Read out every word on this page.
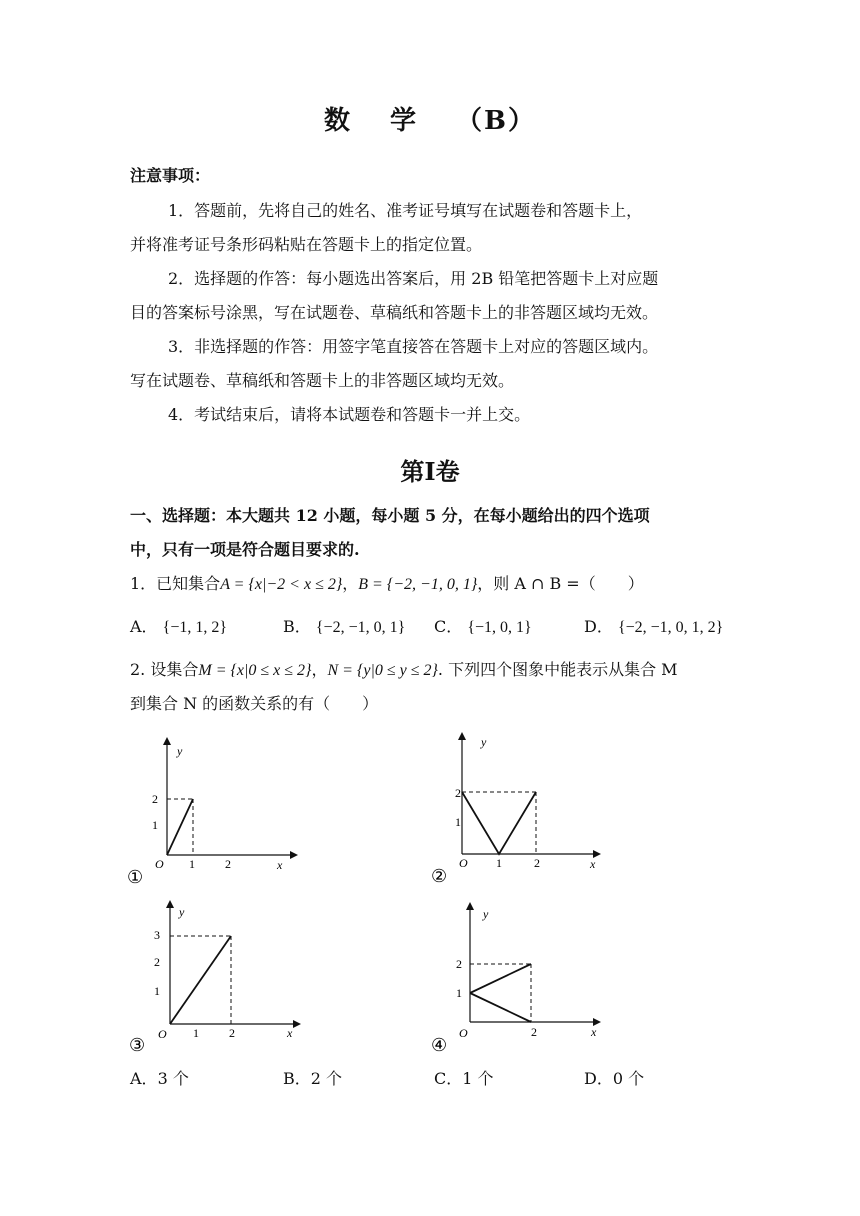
数 学 （B）
注意事项：
1．答题前，先将自己的姓名、准考证号填写在试题卷和答题卡上，
并将准考证号条形码粘贴在答题卡上的指定位置。
2．选择题的作答：每小题选出答案后，用 2B 铅笔把答题卡上对应题
目的答案标号涂黑，写在试题卷、草稿纸和答题卡上的非答题区域均无效。
3．非选择题的作答：用签字笔直接答在答题卡上对应的答题区域内。
写在试题卷、草稿纸和答题卡上的非答题区域均无效。
4．考试结束后，请将本试题卷和答题卡一并上交。
第Ⅰ卷
一、选择题：本大题共 12 小题，每小题 5 分，在每小题给出的四个选项
中，只有一项是符合题目要求的.
1．已知集合A = {x|−2 < x ≤ 2}，B = {−2, −1, 0, 1}，则 A ∩ B =（　　）
A． {−1, 1, 2}	B． {−2, −1, 0, 1} C． {−1, 0, 1}	D． {−2, −1, 0, 1, 2}
2. 设集合M = {x|0 ≤ x ≤ 2}，N = {y|0 ≤ y ≤ 2}. 下列四个图象中能表示从集合 M
到集合 N 的函数关系的有（　　）
y
x
O 1	2
1
2
①
y
x
O 1	2
1
2
②
y
x
O 1	2
1
2
3
③
y
x
O	2
1
2
④
A．3 个	B．2 个	C．1 个	D．0 个
